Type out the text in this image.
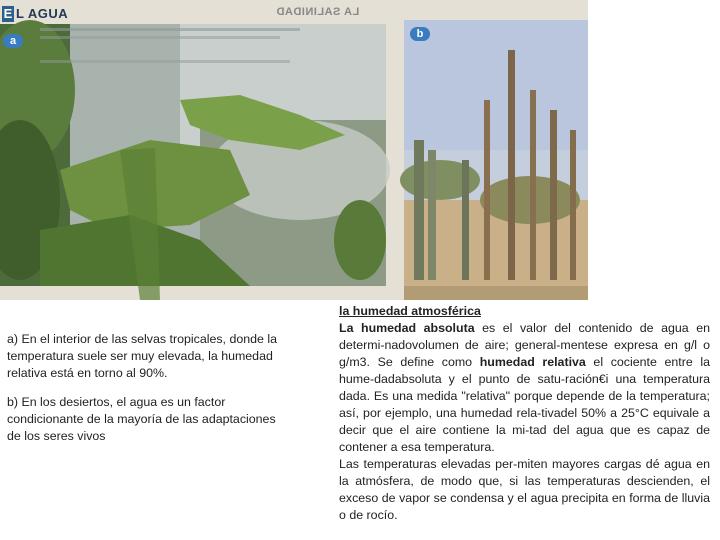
E L AGUA	LA SALINIDAD
a
b

a) En el interior de las selvas tropicales, donde la temperatura suele ser muy elevada, la humedad relativa está en torno al 90%.

b) En los desiertos, el agua es un factor condicionante de la mayoría de las adaptaciones de los seres vivos

la humedad atmosférica

La humedad absoluta es el valor del contenido de agua en determi-nadovolumen de aire; general-mentese expresa en g/l o g/m3. Se define como humedad relativa el cociente entre la hume-dadabsoluta y el punto de satu-ración€i una temperatura dada. Es una medida "relativa" porque depende de la temperatura; así, por ejemplo, una humedad rela-tivadel 50% a 25°C equivale a decir que el aire contiene la mi-tad del agua que es capaz de contener a esa temperatura.

Las temperaturas elevadas per-miten mayores cargas dé agua en la atmósfera, de modo que, si las temperaturas descienden, el exceso de vapor se condensa y el agua precipita en forma de lluvia o de rocío.
